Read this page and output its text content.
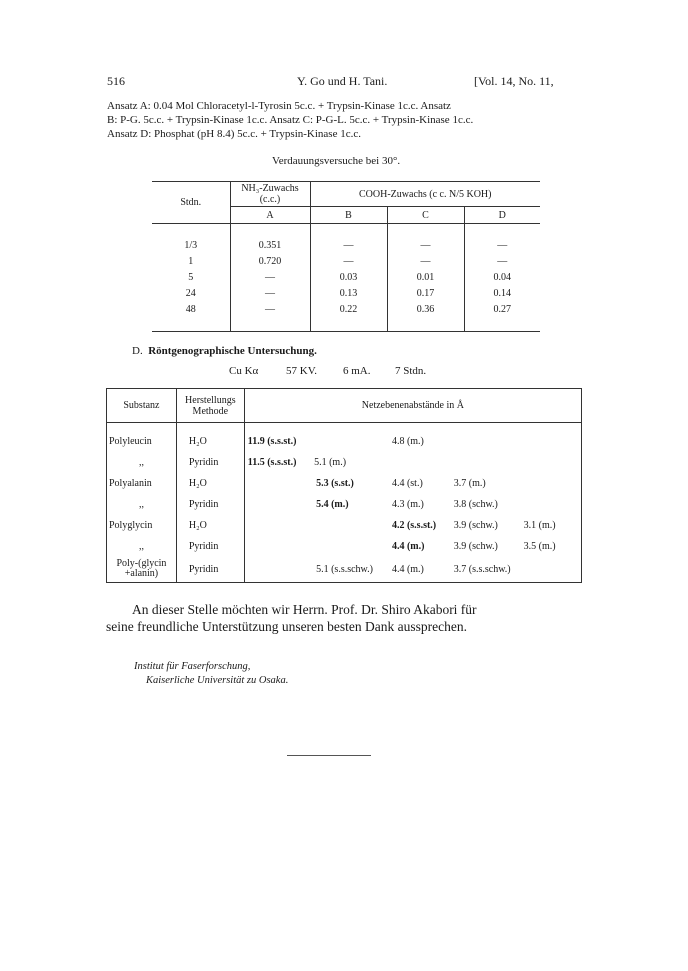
516	Y. Go und H. Tani.	[Vol. 14, No. 11,
Ansatz A: 0.04 Mol Chloracetyl-l-Tyrosin 5c.c. + Trypsin-Kinase 1c.c. Ansatz
B: P-G. 5c.c. + Trypsin-Kinase 1c.c. Ansatz C: P-G-L. 5c.c. + Trypsin-Kinase 1c.c.
Ansatz D: Phosphat (pH 8.4) 5c.c. + Trypsin-Kinase 1c.c.
Verdauungsversuche bei 30°.
Stdn.	NH₃-Zuwachs
(c.c.)	COOH-Zuwachs (c c. N/5 KOH)		
	A	B	C	D

1/3	0.351	—	—	—
1	0.720	—	—	—
5	—	0.03	0.01	0.04
24	—	0.13	0.17	0.14
48	—	0.22	0.36	0.27

D. Röntgenographische Untersuchung.
Cu Kα	57 KV. 6 mA. 7 Stdn.
Substanz	Herstellungs
Methode	Netzebenenabstände in Å				

Polyleucin	H₂O	11.9 (s.s.st.)		4.8 (m.)		
,,	Pyridin	11.5 (s.s.st.)	5.1 (m.)			
Polyalanin	H₂O		5.3 (s.st.)	4.4 (st.)	3.7 (m.)	
,,	Pyridin		5.4 (m.)	4.3 (m.)	3.8 (schw.)	
Polyglycin	H₂O			4.2 (s.s.st.)	3.9 (schw.)	3.1 (m.)
,,	Pyridin			4.4 (m.)	3.9 (schw.)	3.5 (m.)
Poly-(glycin +alanin)	Pyridin		5.1 (s.s.schw.)	4.4 (m.)	3.7 (s.s.schw.)	
An dieser Stelle möchten wir Herrn. Prof. Dr. Shiro Akabori für
seine freundliche Unterstützung unseren besten Dank aussprechen.
Institut für Faserforschung,
Kaiserliche Universität zu Osaka.
